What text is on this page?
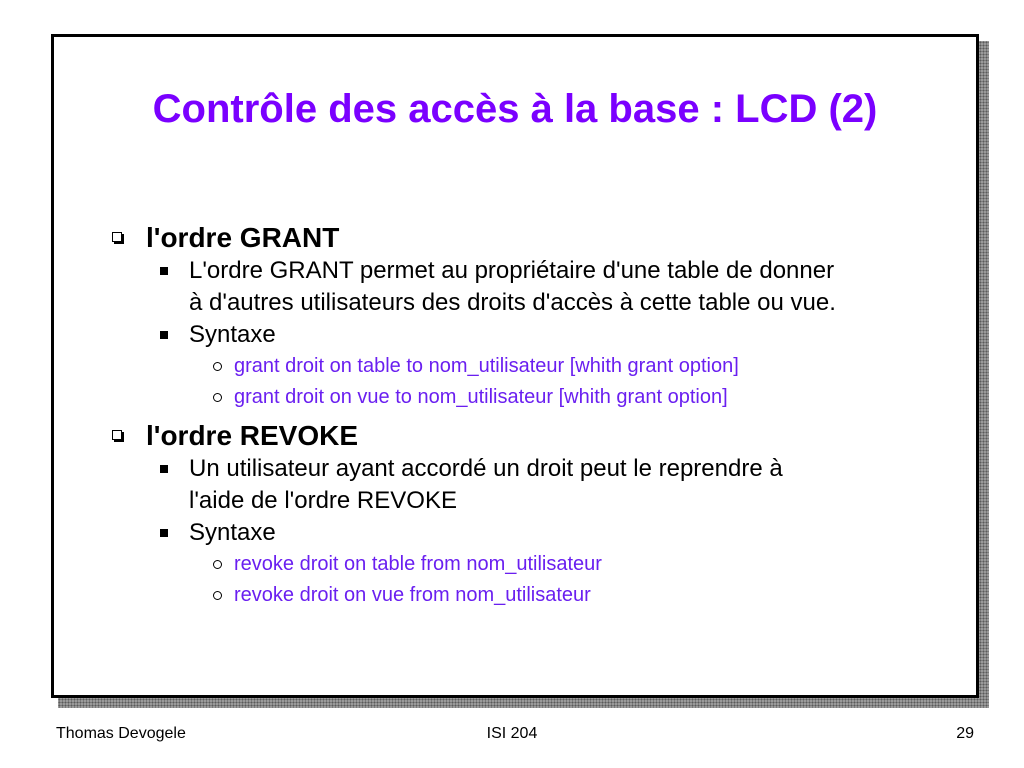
Contrôle des accès à la base : LCD (2)
l'ordre GRANT
L'ordre GRANT permet au propriétaire d'une table de donner
à d'autres utilisateurs des droits d'accès à cette table ou vue.
Syntaxe
grant droit on table to nom_utilisateur [whith grant option]
grant droit on vue to nom_utilisateur [whith grant option]
l'ordre REVOKE
Un utilisateur ayant accordé un droit peut le reprendre à
l'aide de l'ordre REVOKE
Syntaxe
revoke droit on table from nom_utilisateur
revoke droit on vue from nom_utilisateur
Thomas Devogele	ISI 204	29
